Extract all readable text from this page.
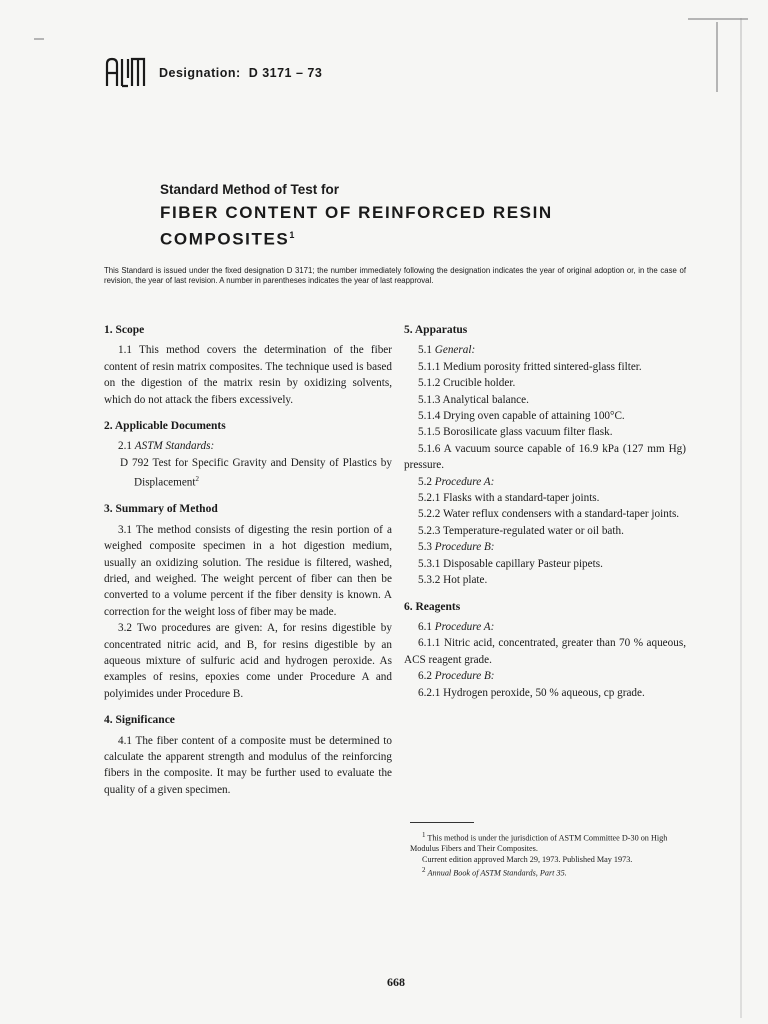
Designation: D 3171 – 73

Standard Method of Test for

FIBER CONTENT OF REINFORCED RESIN
COMPOSITES$^1$

This Standard is issued under the fixed designation D 3171; the number immediately following the designation indicates the year of original adoption or, in the case of revision, the year of last revision. A number in parentheses indicates the year of last reapproval.

1. Scope

1.1 This method covers the determination of the fiber content of resin matrix composites. The technique used is based on the digestion of the matrix resin by oxidizing solvents, which do not attack the fibers excessively.

2. Applicable Documents

2.1 ASTM Standards:

D 792 Test for Specific Gravity and Density of Plastics by Displacement$^2$

3. Summary of Method

3.1 The method consists of digesting the resin portion of a weighed composite specimen in a hot digestion medium, usually an oxidizing solution. The residue is filtered, washed, dried, and weighed. The weight percent of fiber can then be converted to a volume percent if the fiber density is known. A correction for the weight loss of fiber may be made.

3.2 Two procedures are given: A, for resins digestible by concentrated nitric acid, and B, for resins digestible by an aqueous mixture of sulfuric acid and hydrogen peroxide. As examples of resins, epoxies come under Procedure A and polyimides under Procedure B.

4. Significance

4.1 The fiber content of a composite must be determined to calculate the apparent strength and modulus of the reinforcing fibers in the composite. It may be further used to evaluate the quality of a given specimen.

5. Apparatus

5.1 General:

5.1.1 Medium porosity fritted sintered-glass filter.

5.1.2 Crucible holder.

5.1.3 Analytical balance.

5.1.4 Drying oven capable of attaining 100°C.

5.1.5 Borosilicate glass vacuum filter flask.

5.1.6 A vacuum source capable of 16.9 kPa (127 mm Hg) pressure.

5.2 Procedure A:

5.2.1 Flasks with a standard-taper joints.

5.2.2 Water reflux condensers with a standard-taper joints.

5.2.3 Temperature-regulated water or oil bath.

5.3 Procedure B:

5.3.1 Disposable capillary Pasteur pipets.

5.3.2 Hot plate.

6. Reagents

6.1 Procedure A:

6.1.1 Nitric acid, concentrated, greater than 70 % aqueous, ACS reagent grade.

6.2 Procedure B:

6.2.1 Hydrogen peroxide, 50 % aqueous, cp grade.

$^1$ This method is under the jurisdiction of ASTM Committee D-30 on High Modulus Fibers and Their Composites.

Current edition approved March 29, 1973. Published May 1973.

$^2$ Annual Book of ASTM Standards, Part 35.

668
